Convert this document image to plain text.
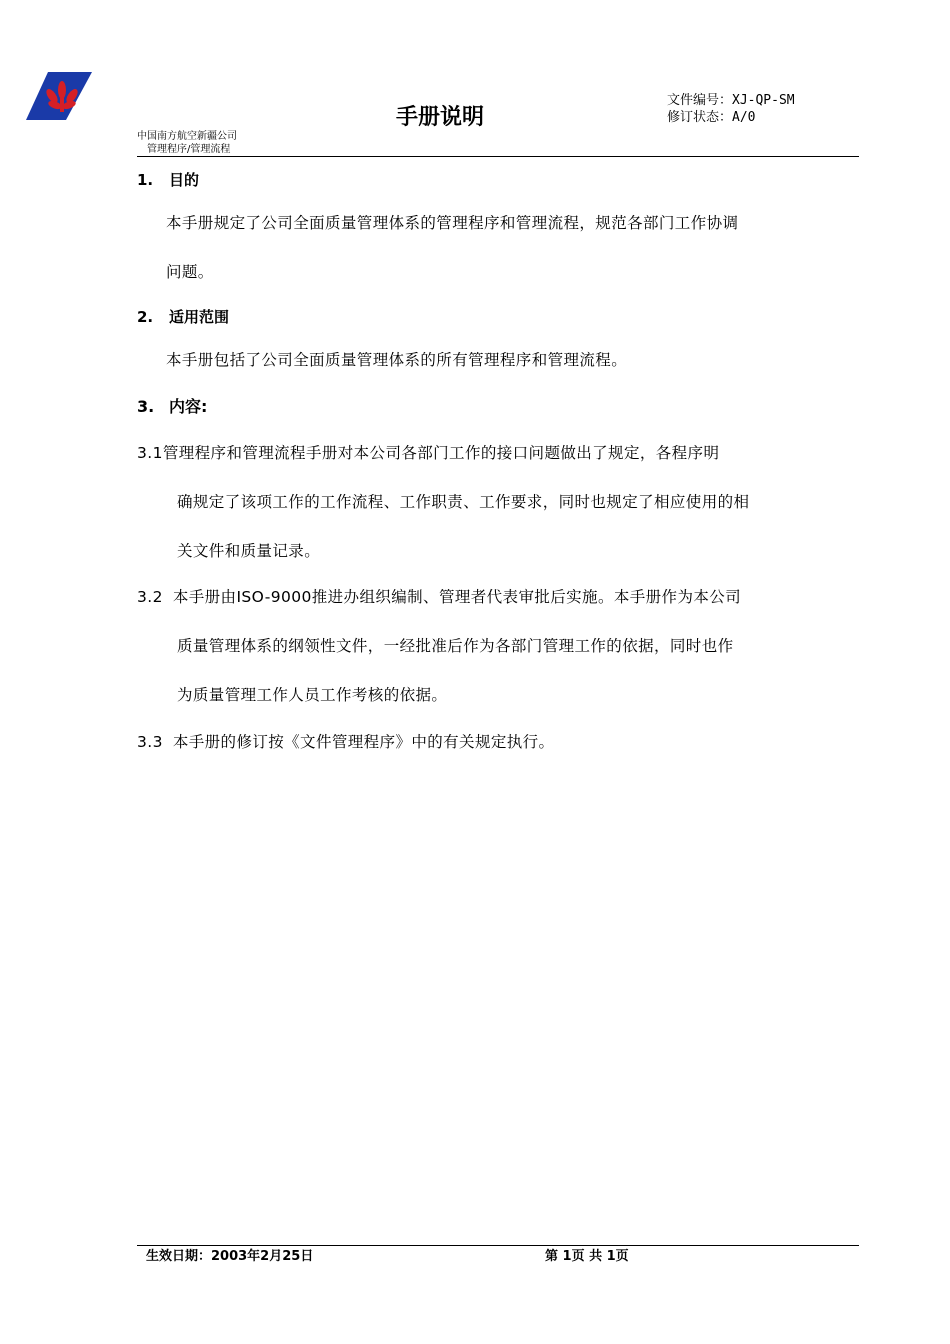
中国南方航空新疆公司
管理程序/管理流程
手册说明
文件编号：XJ-QP-SM
修订状态：A/0
1. 目的
本手册规定了公司全面质量管理体系的管理程序和管理流程，规范各部门工作协调
问题。
2. 适用范围
本手册包括了公司全面质量管理体系的所有管理程序和管理流程。
3. 内容:
3.1管理程序和管理流程手册对本公司各部门工作的接口问题做出了规定，各程序明
确规定了该项工作的工作流程、工作职责、工作要求，同时也规定了相应使用的相
关文件和质量记录。
3.2 本手册由ISO-9000推进办组织编制、管理者代表审批后实施。本手册作为本公司
质量管理体系的纲领性文件，一经批准后作为各部门管理工作的依据，同时也作
为质量管理工作人员工作考核的依据。
3.3 本手册的修订按《文件管理程序》中的有关规定执行。
生效日期：2003年2月25日	第 1页 共 1页
